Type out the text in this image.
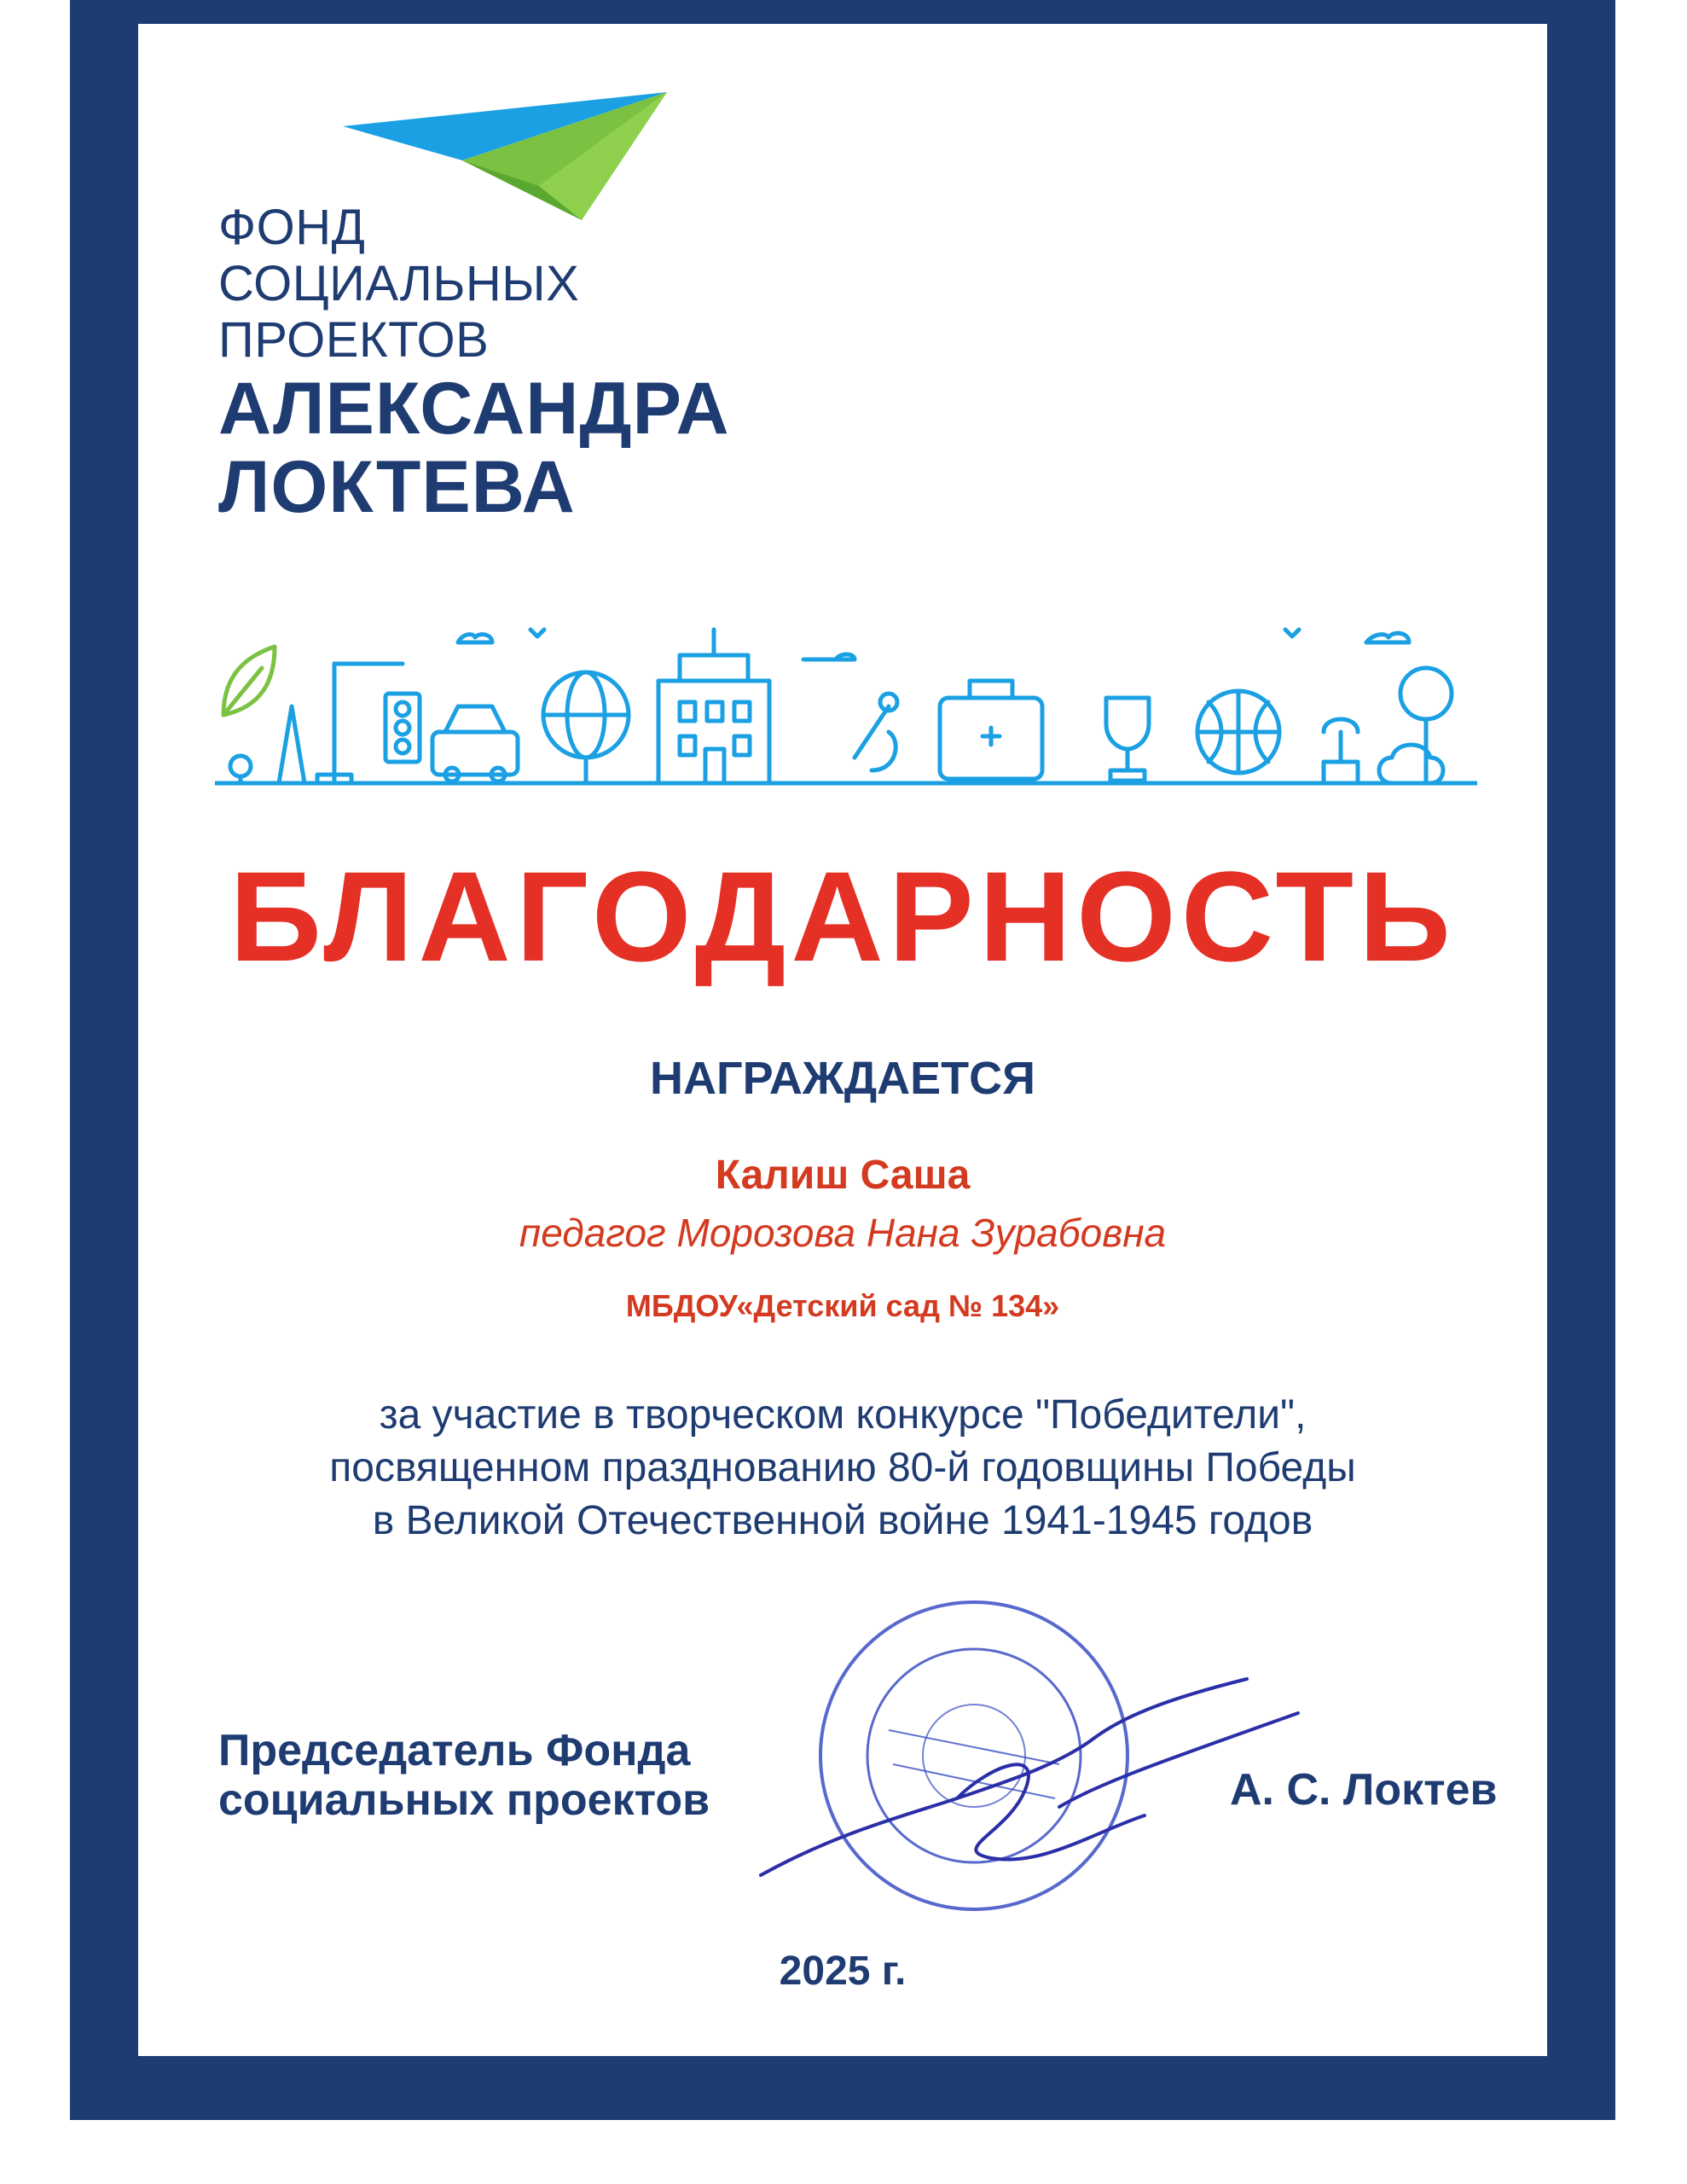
ФОНД
СОЦИАЛЬНЫХ
ПРОЕКТОВ
АЛЕКСАНДРА
ЛОКТЕВА
БЛАГОДАРНОСТЬ
НАГРАЖДАЕТСЯ
Калиш Саша
педагог Морозова Нана Зурабовна
МБДОУ«Детский сад № 134»
за участие в творческом конкурсе "Победители",
посвященном празднованию 80-й годовщины Победы
в Великой Отечественной войне 1941-1945 годов
Председатель Фонда
социальных проектов	А. С. Локтев
2025 г.
